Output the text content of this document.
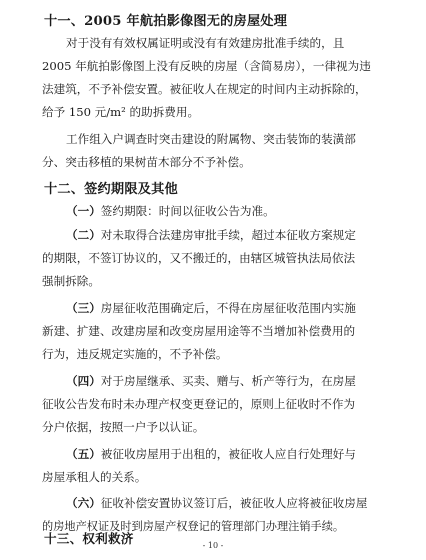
十一、2005 年航拍影像图无的房屋处理
对于没有有效权属证明或没有有效建房批准手续的，且
2005 年航拍影像图上没有反映的房屋（含简易房），一律视为违
法建筑，不予补偿安置。被征收人在规定的时间内主动拆除的，
给予 150 元/m² 的助拆费用。
工作组入户调查时突击建设的附属物、突击装饰的装潢部
分、突击移植的果树苗木部分不予补偿。
十二、签约期限及其他
（一）签约期限：时间以征收公告为准。
（二）对未取得合法建房审批手续，超过本征收方案规定
的期限，不签订协议的，又不搬迁的，由辖区城管执法局依法
强制拆除。
（三）房屋征收范围确定后，不得在房屋征收范围内实施
新建、扩建、改建房屋和改变房屋用途等不当增加补偿费用的
行为，违反规定实施的，不予补偿。
（四）对于房屋继承、买卖、赠与、析产等行为，在房屋
征收公告发布时未办理产权变更登记的，原则上征收时不作为
分户依据，按照一户予以认证。
（五）被征收房屋用于出租的，被征收人应自行处理好与
房屋承租人的关系。
（六）征收补偿安置协议签订后，被征收人应将被征收房屋
的房地产权证及时到房屋产权登记的管理部门办理注销手续。
十三、权利救济	- 10 -
